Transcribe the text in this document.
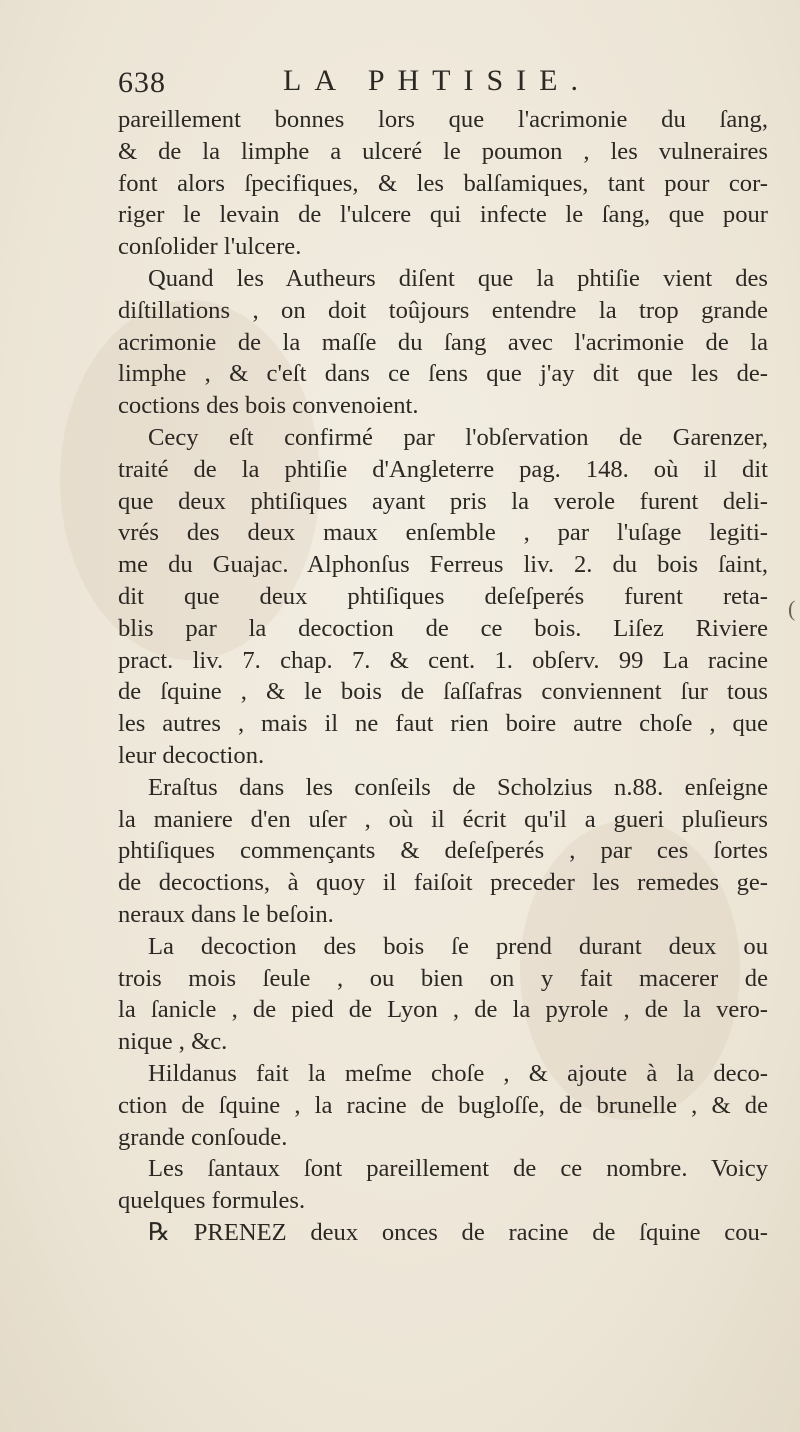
638	LA PHTISIE.
pareillement bonnes lors que l'acrimonie du ſang,
& de la limphe a ulceré le poumon , les vulneraires
font alors ſpecifiques, & les balſamiques, tant pour cor-
riger le levain de l'ulcere qui infecte le ſang, que pour
conſolider l'ulcere.
Quand les Autheurs diſent que la phtiſie vient des
diſtillations , on doit toûjours entendre la trop grande
acrimonie de la maſſe du ſang avec l'acrimonie de la
limphe , & c'eſt dans ce ſens que j'ay dit que les de-
coctions des bois convenoient.
Cecy eſt confirmé par l'obſervation de Garenzer,
traité de la phtiſie d'Angleterre pag. 148. où il dit
que deux phtiſiques ayant pris la verole furent deli-
vrés des deux maux enſemble , par l'uſage legiti-
me du Guajac. Alphonſus Ferreus liv. 2. du bois ſaint,
dit que deux phtiſiques deſeſperés furent reta-
blis par la decoction de ce bois. Liſez Riviere
pract. liv. 7. chap. 7. & cent. 1. obſerv. 99 La racine
de ſquine , & le bois de ſaſſafras conviennent ſur tous
les autres , mais il ne faut rien boire autre choſe , que
leur decoction.
Eraſtus dans les conſeils de Scholzius n.88. enſeigne
la maniere d'en uſer , où il écrit qu'il a gueri pluſieurs
phtiſiques commençants & deſeſperés , par ces ſortes
de decoctions, à quoy il faiſoit preceder les remedes ge-
neraux dans le beſoin.
La decoction des bois ſe prend durant deux ou
trois mois ſeule , ou bien on y fait macerer de
la ſanicle , de pied de Lyon , de la pyrole , de la vero-
nique , &c.
Hildanus fait la meſme choſe , & ajoute à la deco-
ction de ſquine , la racine de bugloſſe, de brunelle , & de
grande conſoude.
Les ſantaux ſont pareillement de ce nombre. Voicy
quelques formules.
℞ PRENEZ deux onces de racine de ſquine cou-
(
